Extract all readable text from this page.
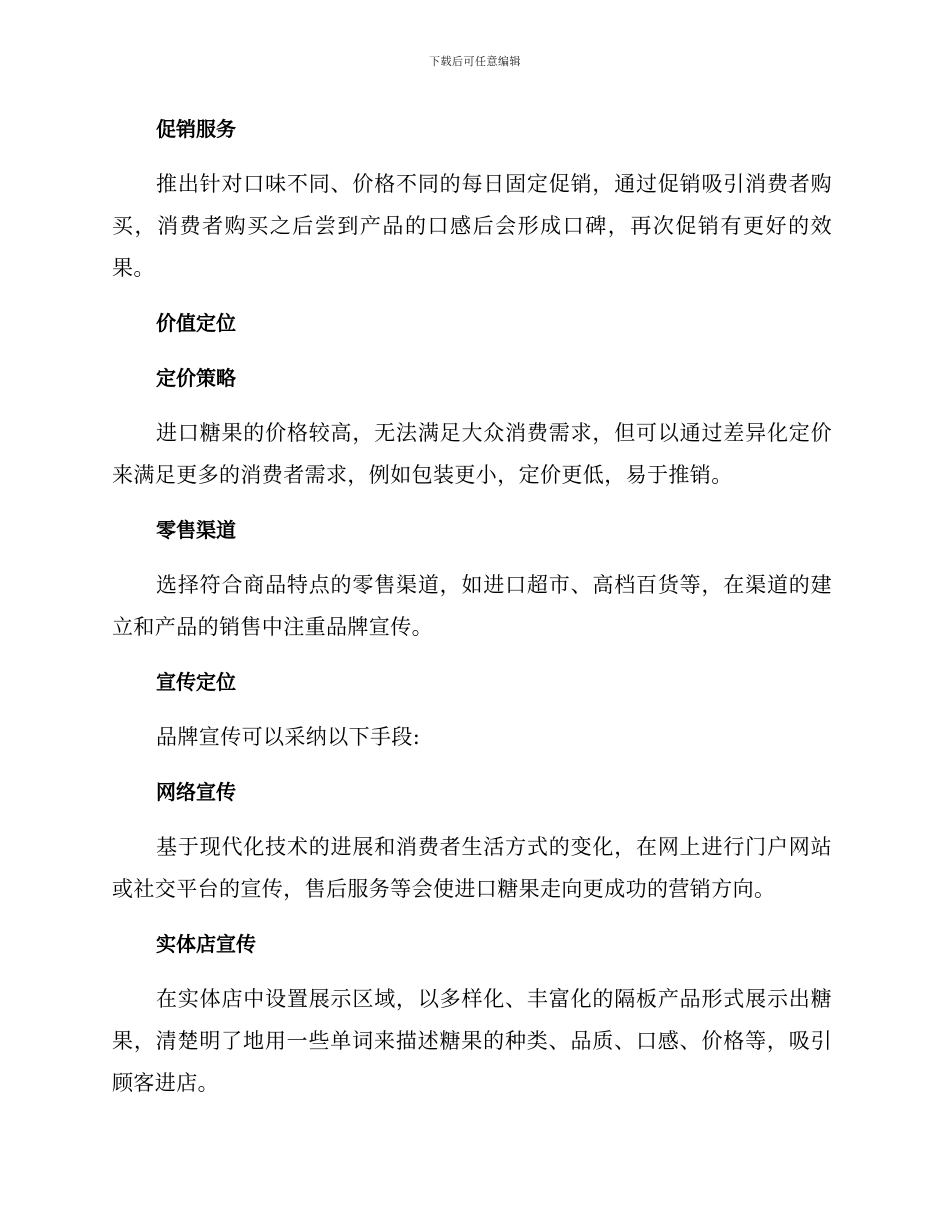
下载后可任意编辑
促销服务

推出针对口味不同、价格不同的每日固定促销，通过促销吸引消费者购买，消费者购买之后尝到产品的口感后会形成口碑，再次促销有更好的效果。

价值定位
定价策略

进口糖果的价格较高，无法满足大众消费需求，但可以通过差异化定价来满足更多的消费者需求，例如包装更小，定价更低，易于推销。

零售渠道

选择符合商品特点的零售渠道，如进口超市、高档百货等，在渠道的建立和产品的销售中注重品牌宣传。

宣传定位

品牌宣传可以采纳以下手段:

网络宣传

基于现代化技术的进展和消费者生活方式的变化，在网上进行门户网站或社交平台的宣传，售后服务等会使进口糖果走向更成功的营销方向。

实体店宣传

在实体店中设置展示区域，以多样化、丰富化的隔板产品形式展示出糖果，清楚明了地用一些单词来描述糖果的种类、品质、口感、价格等，吸引顾客进店。
